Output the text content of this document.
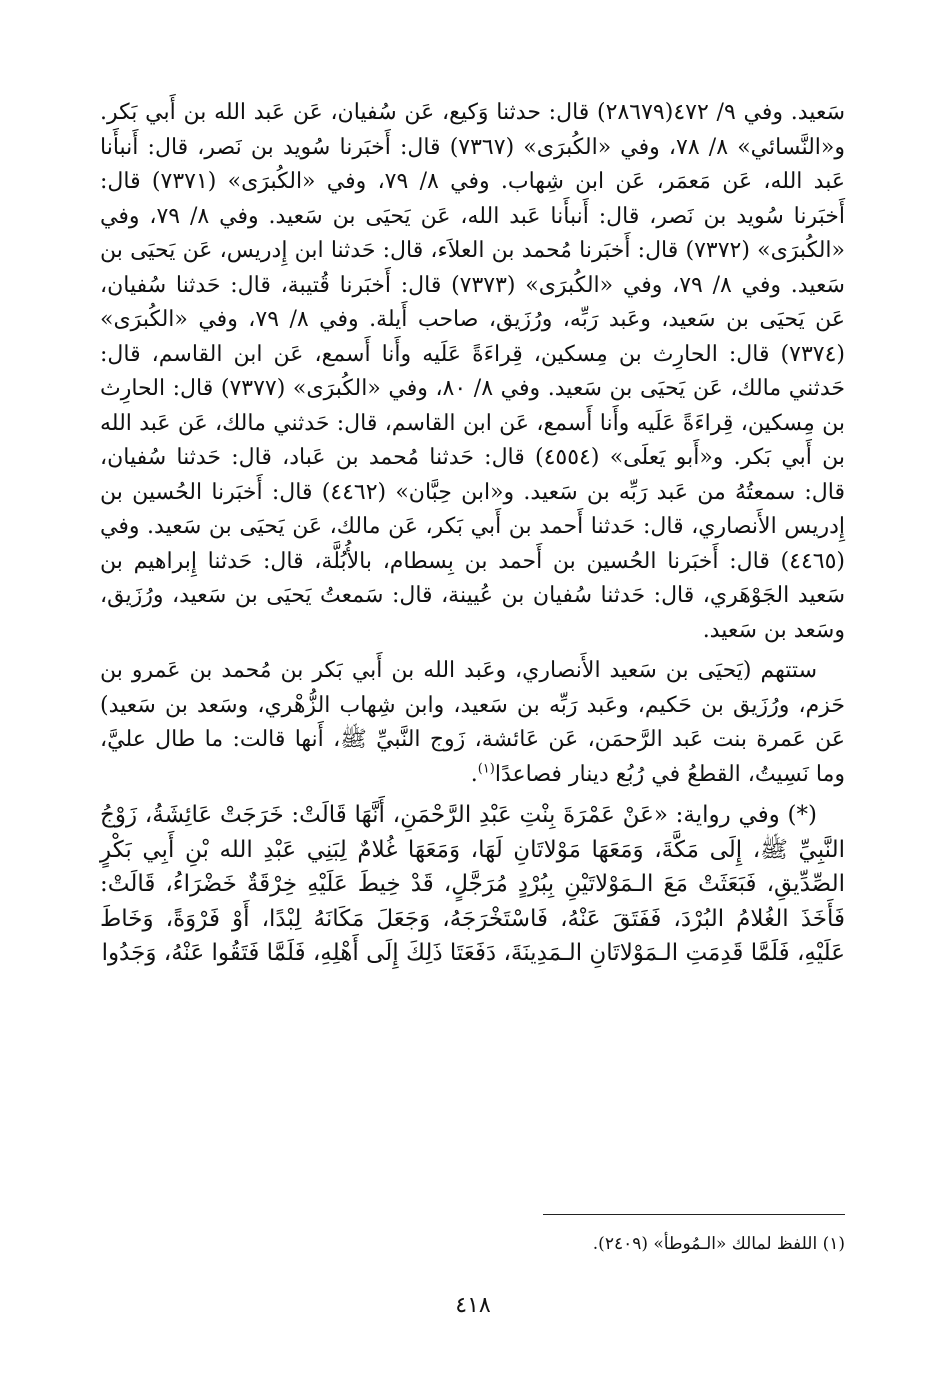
سَعيد. وفي ٩/ ٤٧٢(٢٨٦٧٩) قال: حدثنا وَكيع، عَن سُفيان، عَن عَبد الله بن أَبي بَكر. و«النَّسائي» ٨/ ٧٨، وفي «الكُبرَى» (٧٣٦٧) قال: أَخبَرنا سُويد بن نَصر، قال: أَنبأَنا عَبد الله، عَن مَعمَر، عَن ابن شِهاب. وفي ٨/ ٧٩، وفي «الكُبرَى» (٧٣٧١) قال: أَخبَرنا سُويد بن نَصر، قال: أَنبأَنا عَبد الله، عَن يَحيَى بن سَعيد. وفي ٨/ ٧٩، وفي «الكُبرَى» (٧٣٧٢) قال: أَخبَرنا مُحمد بن العلاَء، قال: حَدثنا ابن إِدريس، عَن يَحيَى بن سَعيد. وفي ٨/ ٧٩، وفي «الكُبرَى» (٧٣٧٣) قال: أَخبَرنا قُتيبة، قال: حَدثنا سُفيان، عَن يَحيَى بن سَعيد، وعَبد رَبِّه، ورُزَيق، صاحب أَيلة. وفي ٨/ ٧٩، وفي «الكُبرَى» (٧٣٧٤) قال: الحارِث بن مِسكين، قِراءَةً عَلَيه وأَنا أَسمع، عَن ابن القاسم، قال: حَدثني مالك، عَن يَحيَى بن سَعيد. وفي ٨/ ٨٠، وفي «الكُبرَى» (٧٣٧٧) قال: الحارِث بن مِسكين، قِراءَةً عَلَيه وأَنا أَسمع، عَن ابن القاسم، قال: حَدثني مالك، عَن عَبد الله بن أَبي بَكر. و«أَبو يَعلَى» (٤٥٥٤) قال: حَدثنا مُحمد بن عَباد، قال: حَدثنا سُفيان، قال: سمعتُهُ من عَبد رَبِّه بن سَعيد. و«ابن حِبَّان» (٤٤٦٢) قال: أَخبَرنا الحُسين بن إِدريس الأَنصاري، قال: حَدثنا أَحمد بن أَبي بَكر، عَن مالك، عَن يَحيَى بن سَعيد. وفي (٤٤٦٥) قال: أَخبَرنا الحُسين بن أَحمد بن بِسطام، بالأُبُلَّة، قال: حَدثنا إِبراهيم بن سَعيد الجَوْهَري، قال: حَدثنا سُفيان بن عُيينة، قال: سَمعتُ يَحيَى بن سَعيد، ورُزَيق، وسَعد بن سَعيد.

ستتهم (يَحيَى بن سَعيد الأَنصاري، وعَبد الله بن أَبي بَكر بن مُحمد بن عَمرو بن حَزم، ورُزَيق بن حَكيم، وعَبد رَبِّه بن سَعيد، وابن شِهاب الزُّهْري، وسَعد بن سَعيد) عَن عَمرة بنت عَبد الرَّحمَن، عَن عَائشة، زَوج النَّبيِّ ﷺ، أَنها قالت: ما طال عليَّ، وما نَسِيتُ، القطعُ في رُبُع دينار فصاعدًا$^{(١)}$.

(*) وفي رواية: «عَنْ عَمْرَةَ بِنْتِ عَبْدِ الرَّحْمَنِ، أَنَّهَا قَالَتْ: خَرَجَتْ عَائِشَةُ، زَوْجُ النَّبِيِّ ﷺ، إِلَى مَكَّةَ، وَمَعَهَا مَوْلاتَانِ لَهَا، وَمَعَهَا غُلامٌ لِبَنِي عَبْدِ الله بْنِ أَبِي بَكْرٍ الصِّدِّيقِ، فَبَعَثَتْ مَعَ الـمَوْلاتَيْنِ بِبُرْدٍ مُرَجَّلٍ، قَدْ خِيطَ عَلَيْهِ خِرْقَةٌ خَضْرَاءُ، قَالَتْ: فَأَخَذَ الغُلامُ البُرْدَ، فَفَتَقَ عَنْهُ، فَاسْتَخْرَجَهُ، وَجَعَلَ مَكَانَهُ لِبْدًا، أَوْ فَرْوَةً، وَخَاطَ عَلَيْهِ، فَلَمَّا قَدِمَتِ الـمَوْلاتَانِ الـمَدِينَةَ، دَفَعَتَا ذَلِكَ إِلَى أَهْلِهِ، فَلَمَّا فَتَقُوا عَنْهُ، وَجَدُوا

(١) اللفظ لمالك «الـمُوطأ» (٢٤٠٩).
٤١٨
